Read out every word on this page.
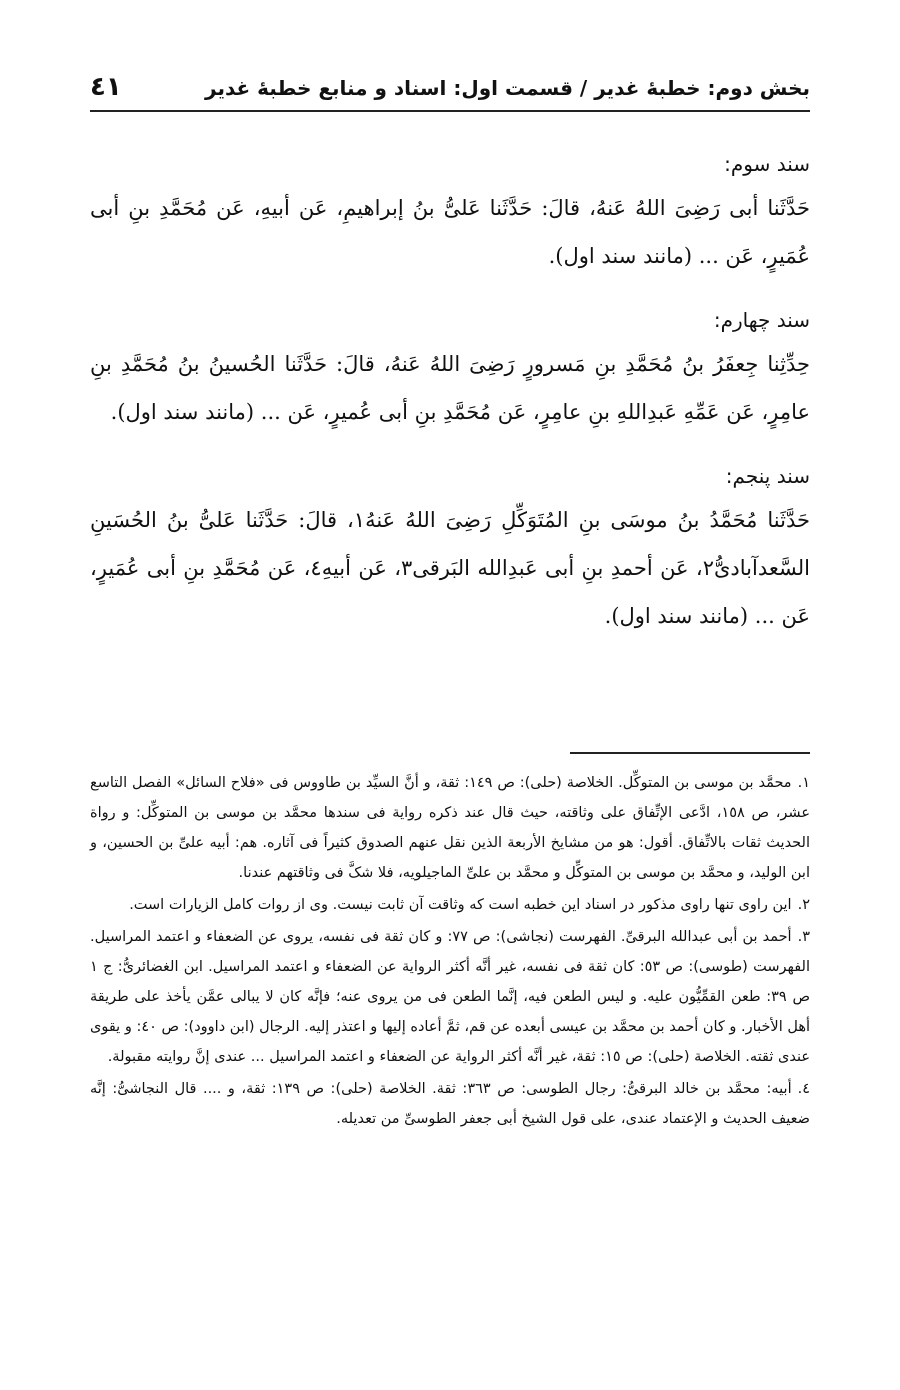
بخش دوم: خطبهٔ غدیر / قسمت اول: اسناد و منابع خطبهٔ غدیر
٤١

سند سوم:

حَدَّثَنا أبی رَضِیَ اللهُ عَنهُ، قالَ: حَدَّثَنا عَلیُّ بنُ إبراهیمِ، عَن أبیهِ، عَن مُحَمَّدِ بنِ أبی عُمَیرٍ، عَن ... (مانند سند اول).

سند چهارم:

حِدِّثِنا جِعفَرُ بنُ مُحَمَّدِ بنِ مَسرورٍ رَضِیَ اللهُ عَنهُ، قالَ: حَدَّثَنا الحُسینُ بنُ مُحَمَّدِ بنِ عامِرٍ، عَن عَمِّهِ عَبدِاللهِ بنِ عامِرٍ، عَن مُحَمَّدِ بنِ أبی عُمیرٍ، عَن ... (مانند سند اول).

سند پنجم:

حَدَّثَنا مُحَمَّدُ بنُ موسَی بنِ المُتَوَکِّلِ رَضِیَ اللهُ عَنهُ١، قالَ: حَدَّثَنا عَلیُّ بنُ الحُسَینِ السَّعدآبادیُّ٢، عَن أحمدِ بنِ أبی عَبدِالله البَرقی٣، عَن أبیهِ٤، عَن مُحَمَّدِ بنِ أبی عُمَیرٍ، عَن ... (مانند سند اول).

١.محمَّد بن موسی بن المتوکِّل. الخلاصة (حلی): ص ١٤٩: ثقة، و أنَّ السیِّد بن طاووس فی «فلاح السائل» الفصل التاسع عشر، ص ١٥٨، ادَّعی الإتِّفاق علی وثاقته، حیث قال عند ذکره روایة فی سندها محمَّد بن موسی بن المتوکِّل: و رواة الحدیث ثقات بالاتِّفاق. أقول: هو من مشایخ الأربعة الذین نقل عنهم الصدوق کثیراً فی آثاره. هم: أبیه علیِّ بن الحسین، و ابن الولید، و محمَّد بن موسی بن المتوکِّل و محمَّد بن علیِّ الماجیلویه، فلا شکَّ فی وثاقتهم عندنا.

٢.این راوی تنها راوی مذکور در اسناد این خطبه است که وثاقت آن ثابت نیست. وی از روات کامل الزیارات است.

٣.أحمد بن أبی عبدالله البرقیِّ. الفهرست (نجاشی): ص ٧٧: و کان ثقة فی نفسه، یروی عن الضعفاء و اعتمد المراسیل. الفهرست (طوسی): ص ٥٣: کان ثقة فی نفسه، غیر أنَّه أکثر الروایة عن الضعفاء و اعتمد المراسیل. ابن الغضائریُّ: ج ١ ص ٣٩: طعن القمِّیُّون علیه. و لیس الطعن فیه، إنَّما الطعن فی من یروی عنه؛ فإنَّه کان لا یبالی عمَّن یأخذ علی طریقة أهل الأخبار. و کان أحمد بن محمَّد بن عیسی أبعده عن قم، ثمَّ أعاده إلیها و اعتذر إلیه. الرجال (ابن داوود): ص ٤٠: و یقوی عندی ثقته. الخلاصة (حلی): ص ١٥: ثقة، غیر أنَّه أکثر الروایة عن الضعفاء و اعتمد المراسیل ... عندی إنَّ روایته مقبولة.

٤.أبیه: محمَّد بن خالد البرقیُّ: رجال الطوسی: ص ٣٦٣: ثقة. الخلاصة (حلی): ص ١٣٩: ثقة، و .... قال النجاشیُّ: إنَّه ضعیف الحدیث و الإعتماد عندی، علی قول الشیخ أبی جعفر الطوسیِّ من تعدیله.
